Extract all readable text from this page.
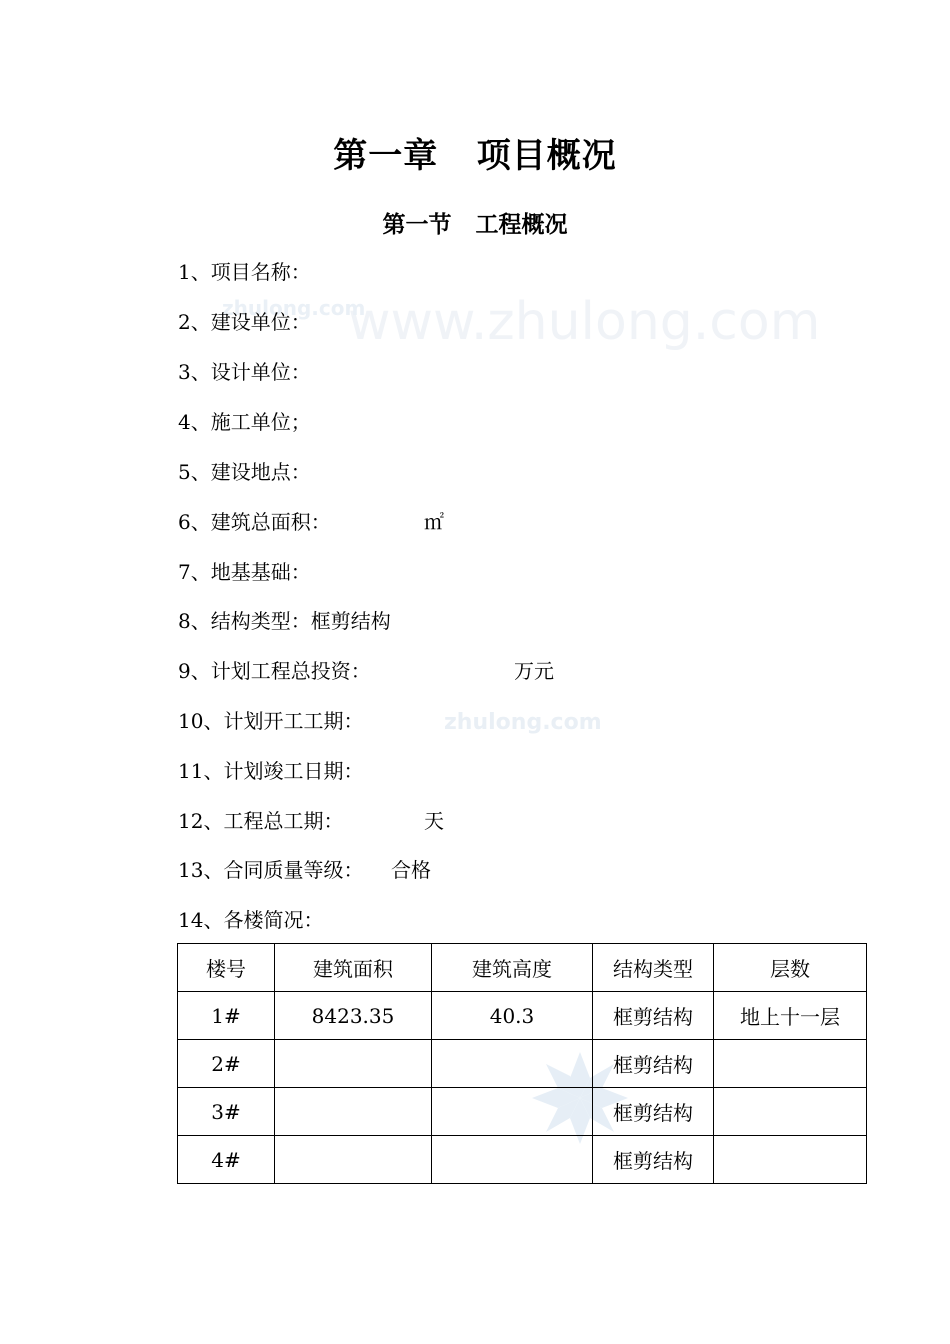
www.zhulong.com
zhulong.com
zhulong.com
第一章 项目概况
第一节 工程概况
1、项目名称：
2、建设单位：
3、设计单位：
4、施工单位；
5、建设地点：
6、建筑总面积：	㎡
7、地基基础：
8、结构类型：框剪结构
9、计划工程总投资：	万元
10、计划开工工期：
11、计划竣工日期：
12、工程总工期：	天
13、合同质量等级： 合格
14、各楼简况：
楼号	建筑面积	建筑高度	结构类型	层数
1#	8423.35	40.3	框剪结构	地上十一层
2#			框剪结构	
3#			框剪结构	
4#			框剪结构	
